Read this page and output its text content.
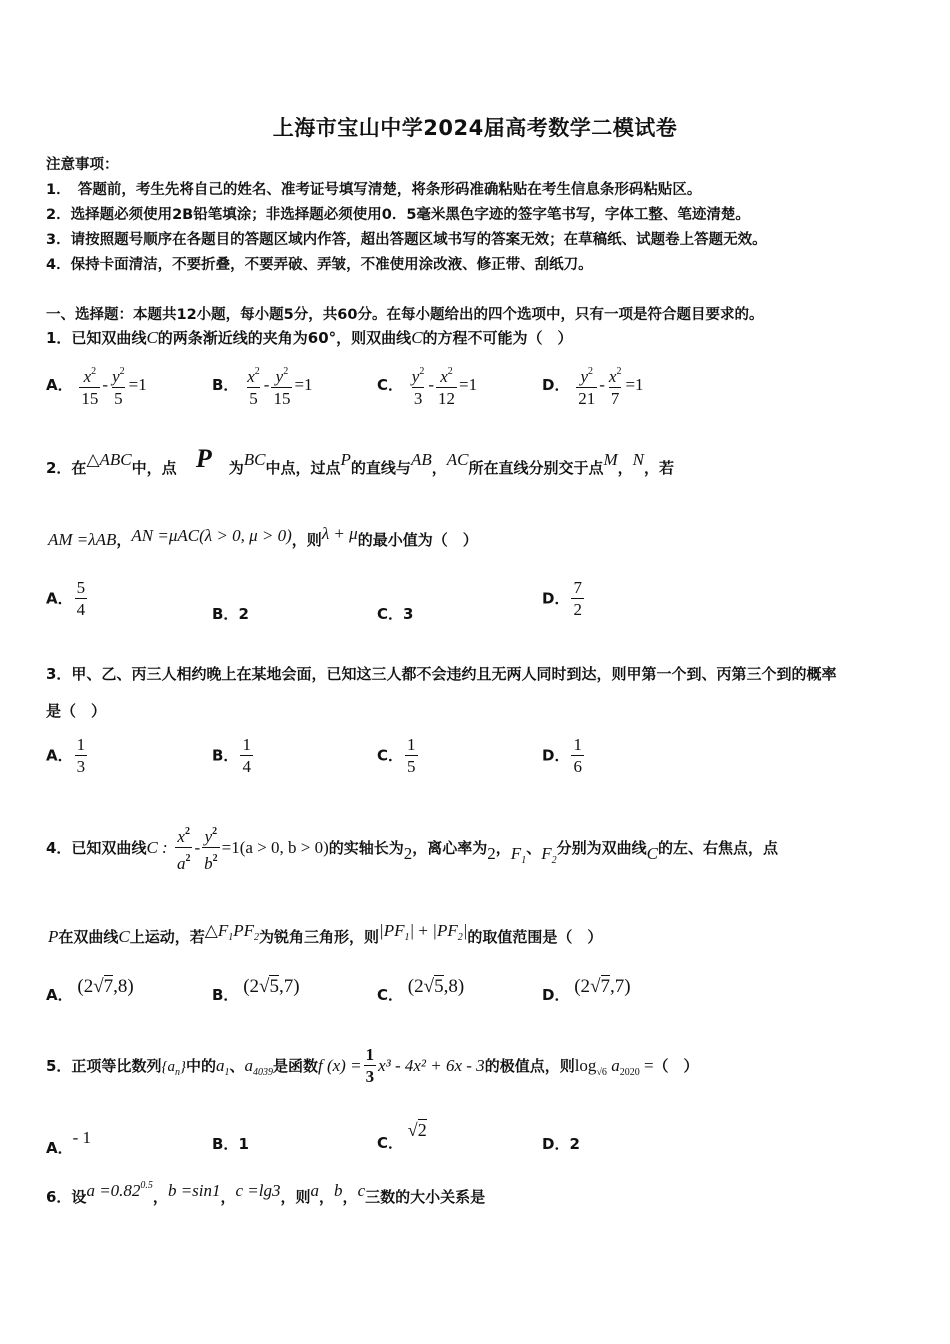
上海市宝山中学2024届高考数学二模试卷
注意事项：
1．　答题前，考生先将自己的姓名、准考证号填写清楚，将条形码准确粘贴在考生信息条形码粘贴区。
2．选择题必须使用2B铅笔填涂；非选择题必须使用0．5毫米黑色字迹的签字笔书写，字体工整、笔迹清楚。
3．请按照题号顺序在各题目的答题区域内作答，超出答题区域书写的答案无效；在草稿纸、试题卷上答题无效。
4．保持卡面清洁，不要折叠，不要弄破、弄皱，不准使用涂改液、修正带、刮纸刀。
一、选择题：本题共12小题，每小题5分，共60分。在每小题给出的四个选项中，只有一项是符合题目要求的。
1．已知双曲线C的两条渐近线的夹角为60°，则双曲线C的方程不可能为（　）
A． $\frac{x^2}{15} - \frac{y^2}{5} =1$	B． $\frac{x^2}{5} - \frac{y^2}{15} =1$	C． $\frac{y^2}{3} - \frac{x^2}{12} =1$	D． $\frac{y^2}{21} - \frac{x^2}{7} =1$
2．在△ABC中，点 P 为BC中点，过点P的直线与AB，AC所在直线分别交于点M，N，若
AM =λAB，AN =μAC(λ > 0, μ > 0)，则λ + μ的最小值为（　）
A． $\frac{5}{4}$	B．2	C．3
D． $\frac{7}{2}$
3．甲、乙、丙三人相约晚上在某地会面，已知这三人都不会违约且无两人同时到达，则甲第一个到、丙第三个到的概率
是（　）
A． $\frac{1}{3}$	B． $\frac{1}{4}$	C． $\frac{1}{5}$	D． $\frac{1}{6}$
4．已知双曲线C : $\frac{x^2}{a^2} - \frac{y^2}{b^2} =1(a > 0$, b > 0)的实轴长为2，离心率为2，$F_1$、$F_2$分别为双曲线C的左、右焦点，点
P在双曲线C上运动，若$\triangle F_1PF_2$为锐角三角形，则$|PF_1| + |PF_2|$的取值范围是（　）
A． (2√7,8)	B． (2√5,7)	C． (2√5,8)	D． (2√7,7)
5．正项等比数列$\{a_n\}$中的$a_1$、$a_{4039}$是函数f $(x) = \frac{1}{3} x^3 - 4x^2 + 6x - 3$的极值点，则$\log_{√6} a_{2020}$ =（　）
A．- 1	B．1	C． √2
D．2
6．设$a =0.82^{0.5}$，b =sin1，c =lg3，则a，b，c三数的大小关系是
